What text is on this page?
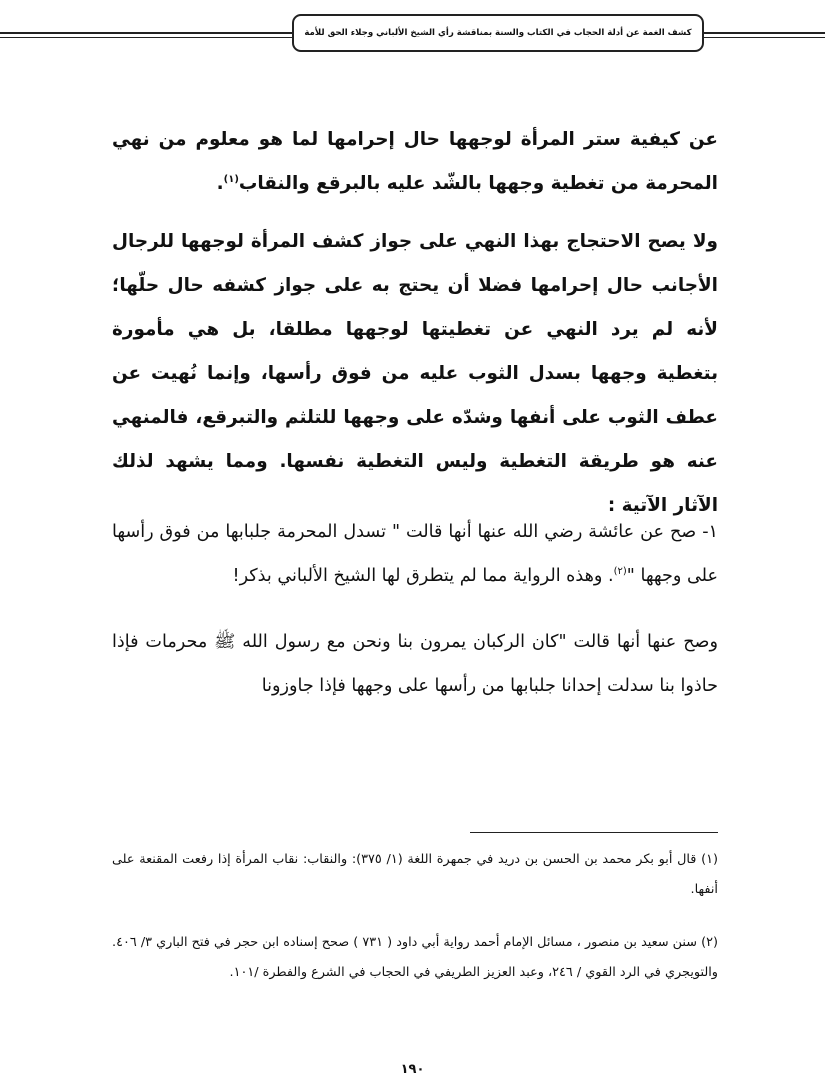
كشف الغمة عن أدلة الحجاب في الكتاب والسنة بمناقشة رأي الشيخ الألباني وجلاء الحق للأمة

عن كيفية ستر المرأة لوجهها حال إحرامها لما هو معلوم من نهي المحرمة من تغطية وجهها بالشّد عليه بالبرقع والنقاب$^{(١)}$.

ولا يصح الاحتجاج بهذا النهي على جواز كشف المرأة لوجهها للرجال الأجانب حال إحرامها فضلا أن يحتج به على جواز كشفه حال حلّها؛ لأنه لم يرد النهي عن تغطيتها لوجهها مطلقا، بل هي مأمورة بتغطية وجهها بسدل الثوب عليه من فوق رأسها، وإنما نُهيت عن عطف الثوب على أنفها وشدّه على وجهها للتلثم والتبرقع، فالمنهي عنه هو طريقة التغطية وليس التغطية نفسها. ومما يشهد لذلك الآثار الآتية :

١- صح عن عائشة رضي الله عنها أنها قالت " تسدل المحرمة جلبابها من فوق رأسها على وجهها "$^{(٢)}$. وهذه الرواية مما لم يتطرق لها الشيخ الألباني بذكر!

وصح عنها أنها قالت "كان الركبان يمرون بنا ونحن مع رسول الله ﷺ محرمات فإذا حاذوا بنا سدلت إحدانا جلبابها من رأسها على وجهها فإذا جاوزونا

(١) قال أبو بكر محمد بن الحسن بن دريد في جمهرة اللغة (١/ ٣٧٥): والنقاب: نقاب المرأة إذا رفعت المقنعة على أنفها.

(٢) سنن سعيد بن منصور ، مسائل الإمام أحمد رواية أبي داود ( ٧٣١ ) صحح إسناده ابن حجر في فتح الباري ٣/ ٤٠٦. والتويجري في الرد القوي / ٢٤٦، وعبد العزيز الطريفي في الحجاب في الشرع والفطرة /١٠١.

١٩٠
